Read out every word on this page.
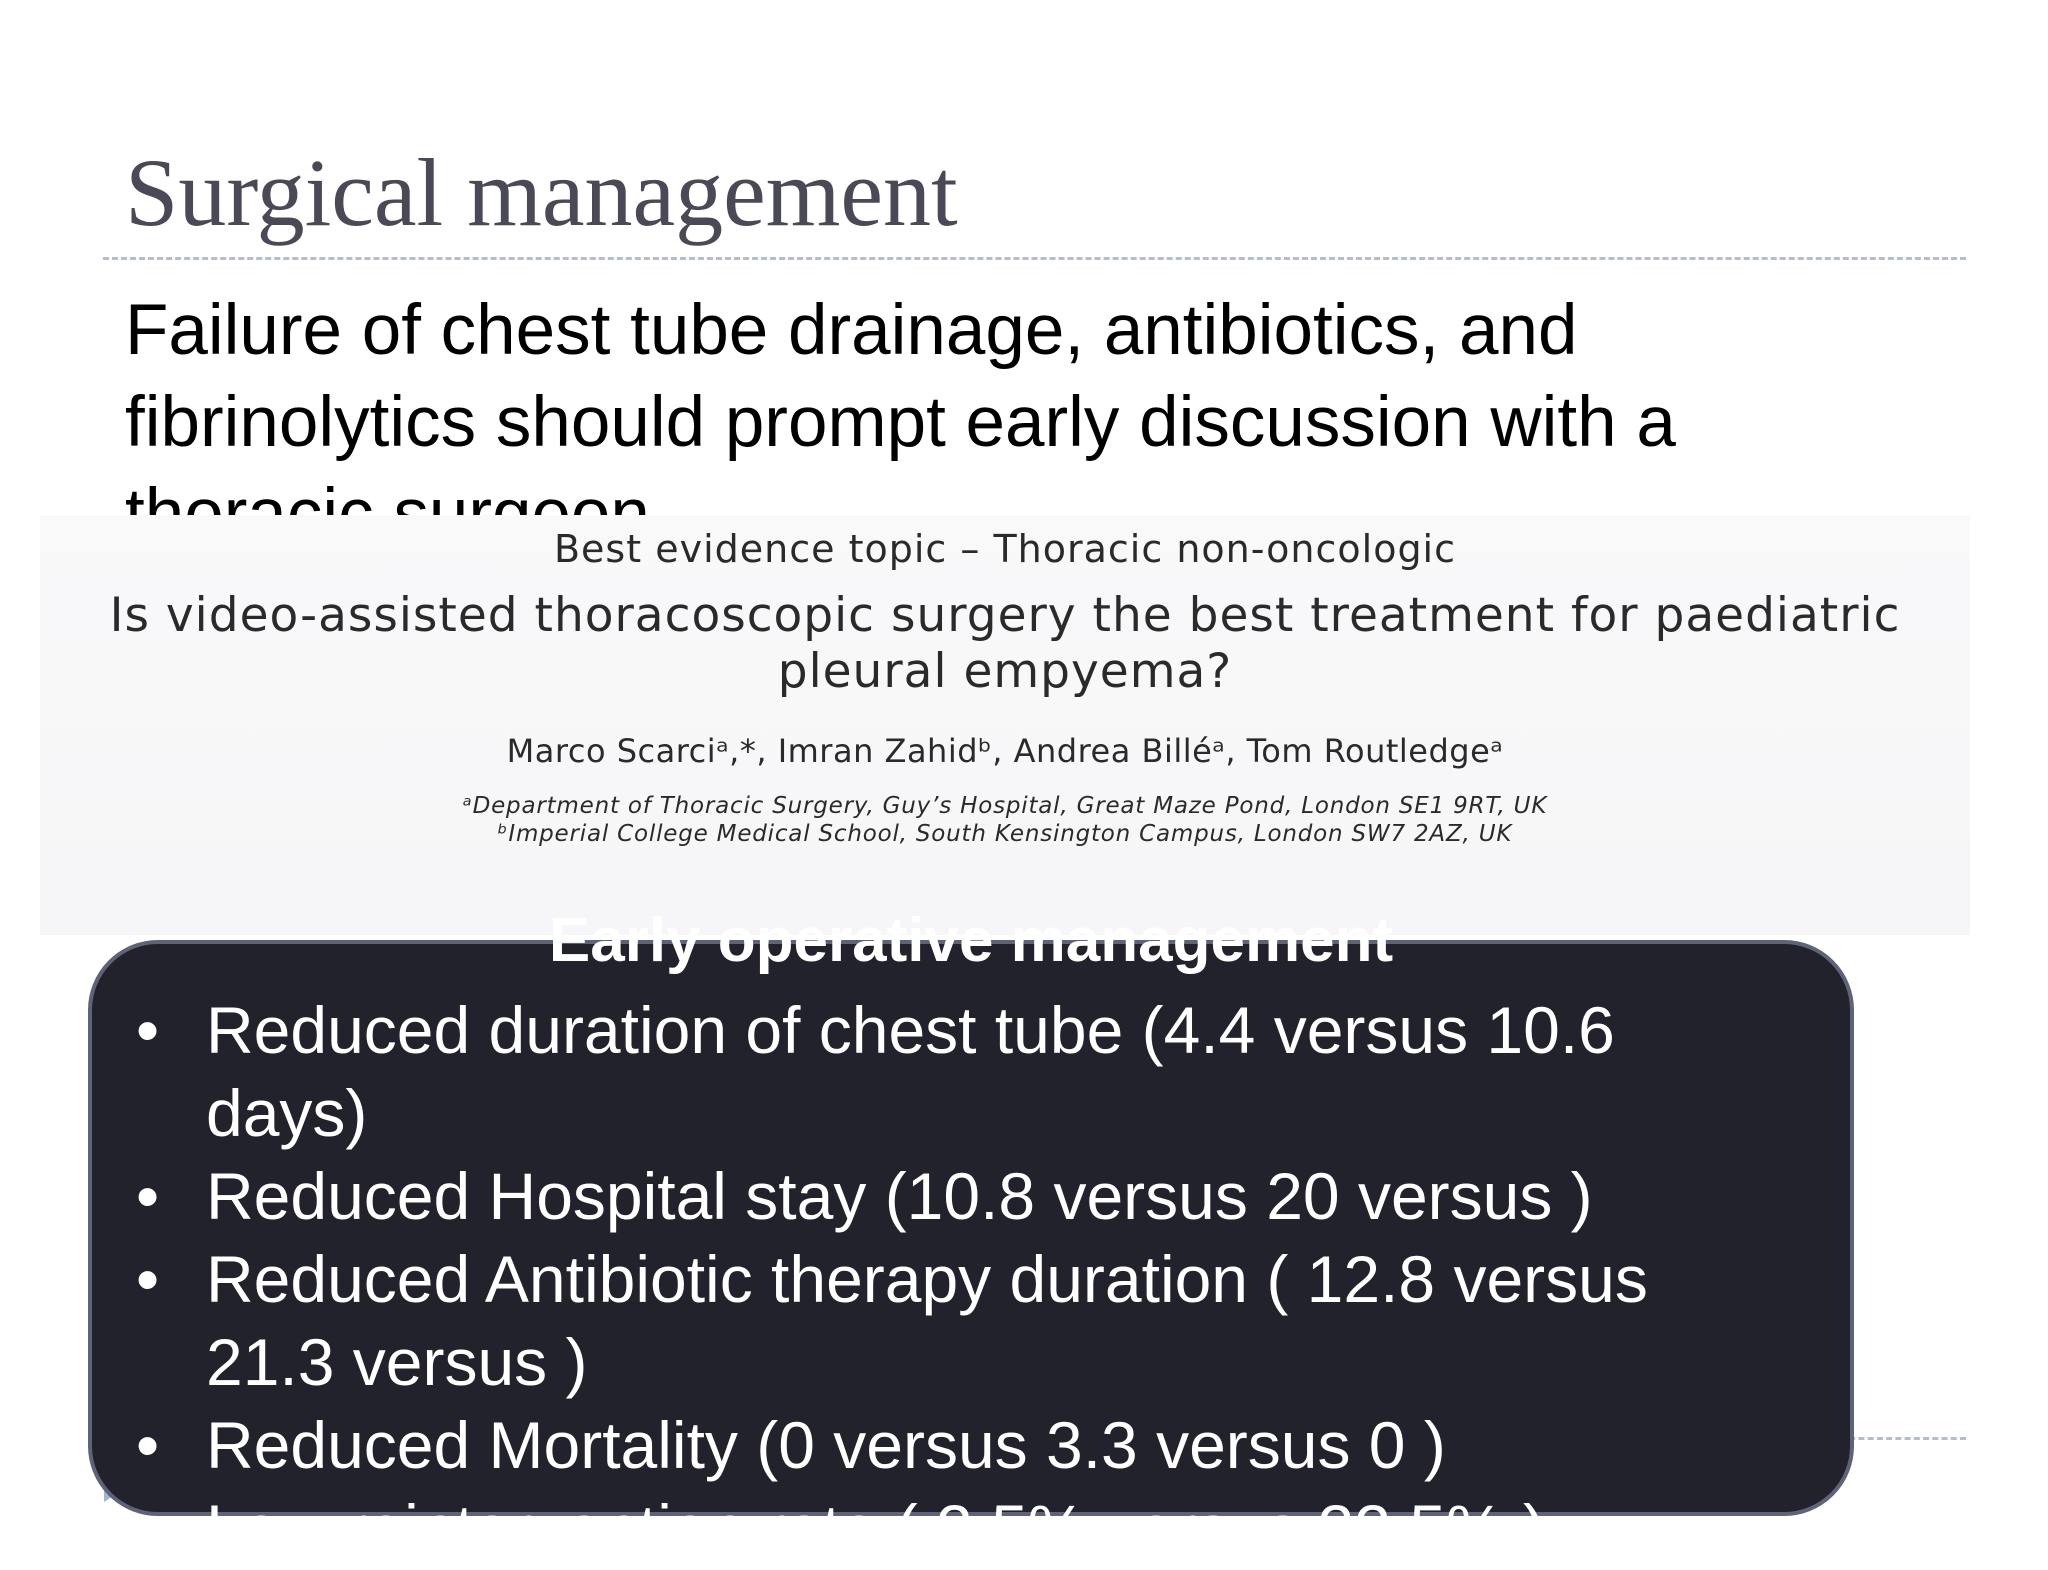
Surgical management
Failure of chest tube drainage, antibiotics, and fibrinolytics should prompt early discussion with a
Best evidence topic – Thoracic non-oncologic
Is video-assisted thoracoscopic surgery the best treatment for paediatric pleural empyema?
Marco Scarciᵃ,*, Imran Zahidᵇ, Andrea Billéᵃ, Tom Routledgeᵃ
ᵃDepartment of Thoracic Surgery, Guy’s Hospital, Great Maze Pond, London SE1 9RT, UK
ᵇImperial College Medical School, South Kensington Campus, London SW7 2AZ, UK
Early operative management
• Reduced duration of chest tube (4.4 versus 10.6 days)
• Reduced Hospital stay (10.8 versus 20 versus )
• Reduced Antibiotic therapy duration ( 12.8 versus 21.3 versus )
• Reduced Mortality (0 versus 3.3 versus 0 )
• Low reintervention rate ( 2.5% versus 22.5% )
